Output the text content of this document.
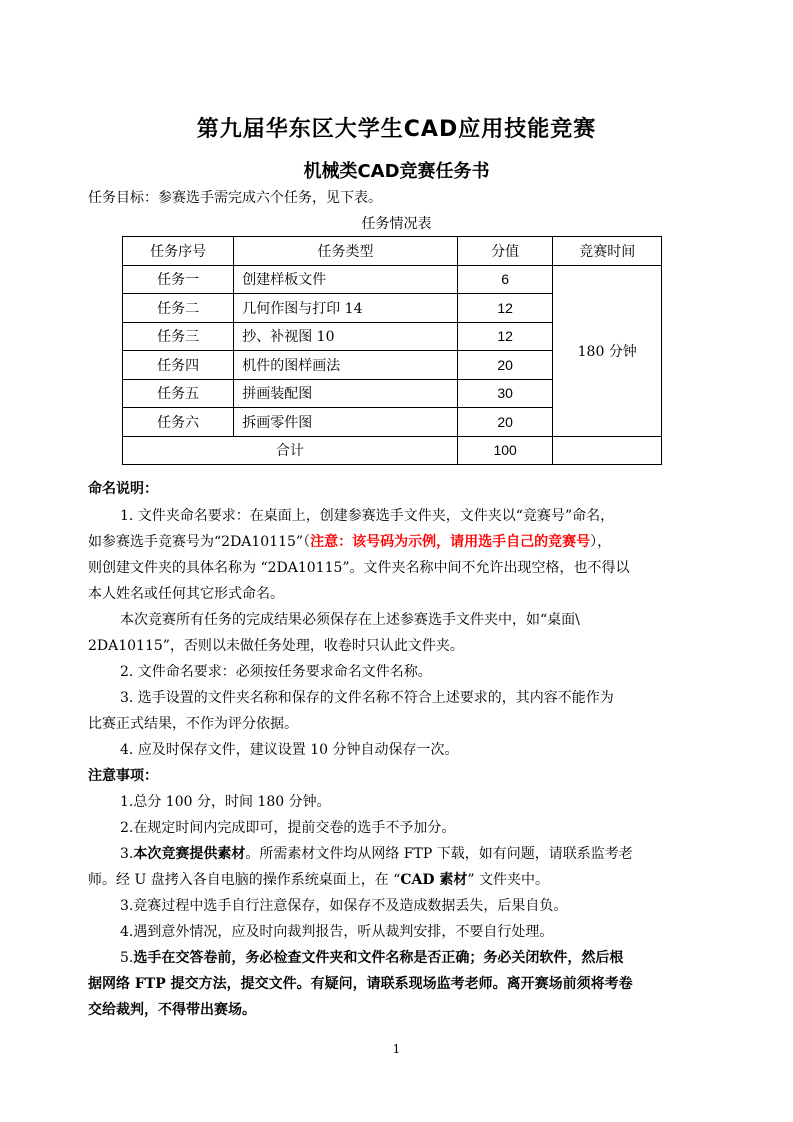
第九届华东区大学生CAD应用技能竞赛
机械类CAD竞赛任务书
任务目标：参赛选手需完成六个任务，见下表。
任务情况表
任务序号	任务类型	分值	竞赛时间
任务一	创建样板文件	6	180 分钟
任务二	几何作图与打印 14	12	
任务三	抄、补视图 10	12	
任务四	机件的图样画法	20	
任务五	拼画装配图	30	
任务六	拆画零件图	20	
合计		100	
命名说明：
1. 文件夹命名要求：在桌面上，创建参赛选手文件夹，文件夹以“竞赛号”命名，
如参赛选手竞赛号为“2DA10115”（注意：该号码为示例，请用选手自己的竞赛号），
则创建文件夹的具体名称为 “2DA10115”。文件夹名称中间不允许出现空格，也不得以
本人姓名或任何其它形式命名。
本次竞赛所有任务的完成结果必须保存在上述参赛选手文件夹中，如“桌面\
2DA10115”，否则以未做任务处理，收卷时只认此文件夹。
2. 文件命名要求：必须按任务要求命名文件名称。
3. 选手设置的文件夹名称和保存的文件名称不符合上述要求的，其内容不能作为
比赛正式结果，不作为评分依据。
4. 应及时保存文件，建议设置 10 分钟自动保存一次。
注意事项：
1.总分 100 分，时间 180 分钟。
2.在规定时间内完成即可，提前交卷的选手不予加分。
3.本次竞赛提供素材。所需素材文件均从网络 FTP 下载，如有问题，请联系监考老
师。经 U 盘拷入各自电脑的操作系统桌面上，在 “CAD 素材” 文件夹中。
3.竞赛过程中选手自行注意保存，如保存不及造成数据丢失，后果自负。
4.遇到意外情况，应及时向裁判报告，听从裁判安排，不要自行处理。
5.选手在交答卷前，务必检查文件夹和文件名称是否正确；务必关闭软件，然后根
据网络 FTP 提交方法，提交文件。有疑问，请联系现场监考老师。离开赛场前须将考卷
交给裁判，不得带出赛场。
1
